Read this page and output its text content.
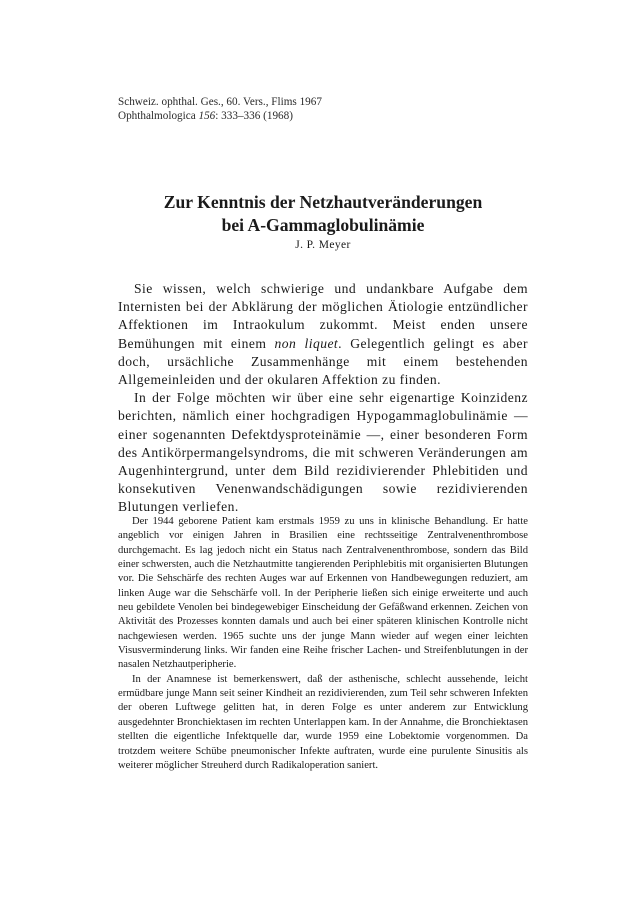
Schweiz. ophthal. Ges., 60. Vers., Flims 1967
Ophthalmologica 156: 333–336 (1968)
Zur Kenntnis der Netzhautveränderungen
bei A-Gammaglobulinämie
J. P. Meyer

Sie wissen, welch schwierige und undankbare Aufgabe dem Internisten bei der Abklärung der möglichen Ätiologie entzündlicher Affektionen im Intraokulum zukommt. Meist enden unsere Bemühungen mit einem non liquet. Gelegentlich gelingt es aber doch, ursächliche Zusammenhänge mit einem bestehenden Allgemeinleiden und der okularen Affektion zu finden.

In der Folge möchten wir über eine sehr eigenartige Koinzidenz berichten, nämlich einer hochgradigen Hypogammaglobulinämie — einer sogenannten Defektdysproteinämie —, einer besonderen Form des Antikörpermangelsyndroms, die mit schweren Veränderungen am Augenhintergrund, unter dem Bild rezidivierender Phlebitiden und konsekutiven Venenwandschädigungen sowie rezidivierenden Blutungen verliefen.

Der 1944 geborene Patient kam erstmals 1959 zu uns in klinische Behandlung. Er hatte angeblich vor einigen Jahren in Brasilien eine rechtsseitige Zentralvenenthrombose durchgemacht. Es lag jedoch nicht ein Status nach Zentralvenenthrombose, sondern das Bild einer schwersten, auch die Netzhautmitte tangierenden Periphlebitis mit organisierten Blutungen vor. Die Sehschärfe des rechten Auges war auf Erkennen von Handbewegungen reduziert, am linken Auge war die Sehschärfe voll. In der Peripherie ließen sich einige erweiterte und auch neu gebildete Venolen bei bindegewebiger Einscheidung der Gefäßwand erkennen. Zeichen von Aktivität des Prozesses konnten damals und auch bei einer späteren klinischen Kontrolle nicht nachgewiesen werden. 1965 suchte uns der junge Mann wieder auf wegen einer leichten Visusverminderung links. Wir fanden eine Reihe frischer Lachen- und Streifenblutungen in der nasalen Netzhautperipherie.

In der Anamnese ist bemerkenswert, daß der asthenische, schlecht aussehende, leicht ermüdbare junge Mann seit seiner Kindheit an rezidivierenden, zum Teil sehr schweren Infekten der oberen Luftwege gelitten hat, in deren Folge es unter anderem zur Entwicklung ausgedehnter Bronchiektasen im rechten Unterlappen kam. In der Annahme, die Bronchiektasen stellten die eigentliche Infektquelle dar, wurde 1959 eine Lobektomie vorgenommen. Da trotzdem weitere Schübe pneumonischer Infekte auftraten, wurde eine purulente Sinusitis als weiterer möglicher Streuherd durch Radikaloperation saniert.
